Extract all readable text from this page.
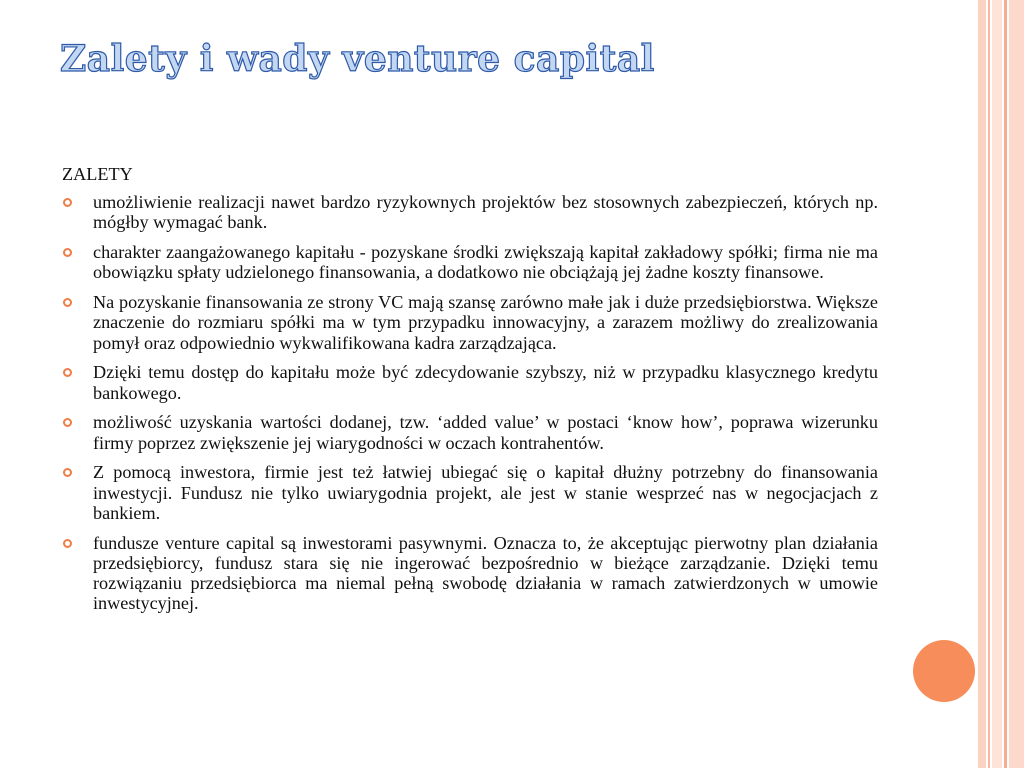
Zalety i wady venture capital
ZALETY
umożliwienie realizacji nawet bardzo ryzykownych projektów bez stosownych zabezpieczeń, których np. mógłby wymagać bank.
charakter zaangażowanego kapitału - pozyskane środki zwiększają kapitał zakładowy spółki; firma nie ma obowiązku spłaty udzielonego finansowania, a dodatkowo nie obciążają jej żadne koszty finansowe.
Na pozyskanie finansowania ze strony VC mają szansę zarówno małe jak i duże przedsiębiorstwa. Większe znaczenie do rozmiaru spółki ma w tym przypadku innowacyjny, a zarazem możliwy do zrealizowania pomył oraz odpowiednio wykwalifikowana kadra zarządzająca.
Dzięki temu dostęp do kapitału może być zdecydowanie szybszy, niż w przypadku klasycznego kredytu bankowego.
możliwość uzyskania wartości dodanej, tzw. ‘added value’ w postaci ‘know how’, poprawa wizerunku firmy poprzez zwiększenie jej wiarygodności w oczach kontrahentów.
Z pomocą inwestora, firmie jest też łatwiej ubiegać się o kapitał dłużny potrzebny do finansowania inwestycji. Fundusz nie tylko uwiarygodnia projekt, ale jest w stanie wesprzeć nas w negocjacjach z bankiem.
fundusze venture capital są inwestorami pasywnymi. Oznacza to, że akceptując pierwotny plan działania przedsiębiorcy, fundusz stara się nie ingerować bezpośrednio w bieżące zarządzanie. Dzięki temu rozwiązaniu przedsiębiorca ma niemal pełną swobodę działania w ramach zatwierdzonych w umowie inwestycyjnej.
